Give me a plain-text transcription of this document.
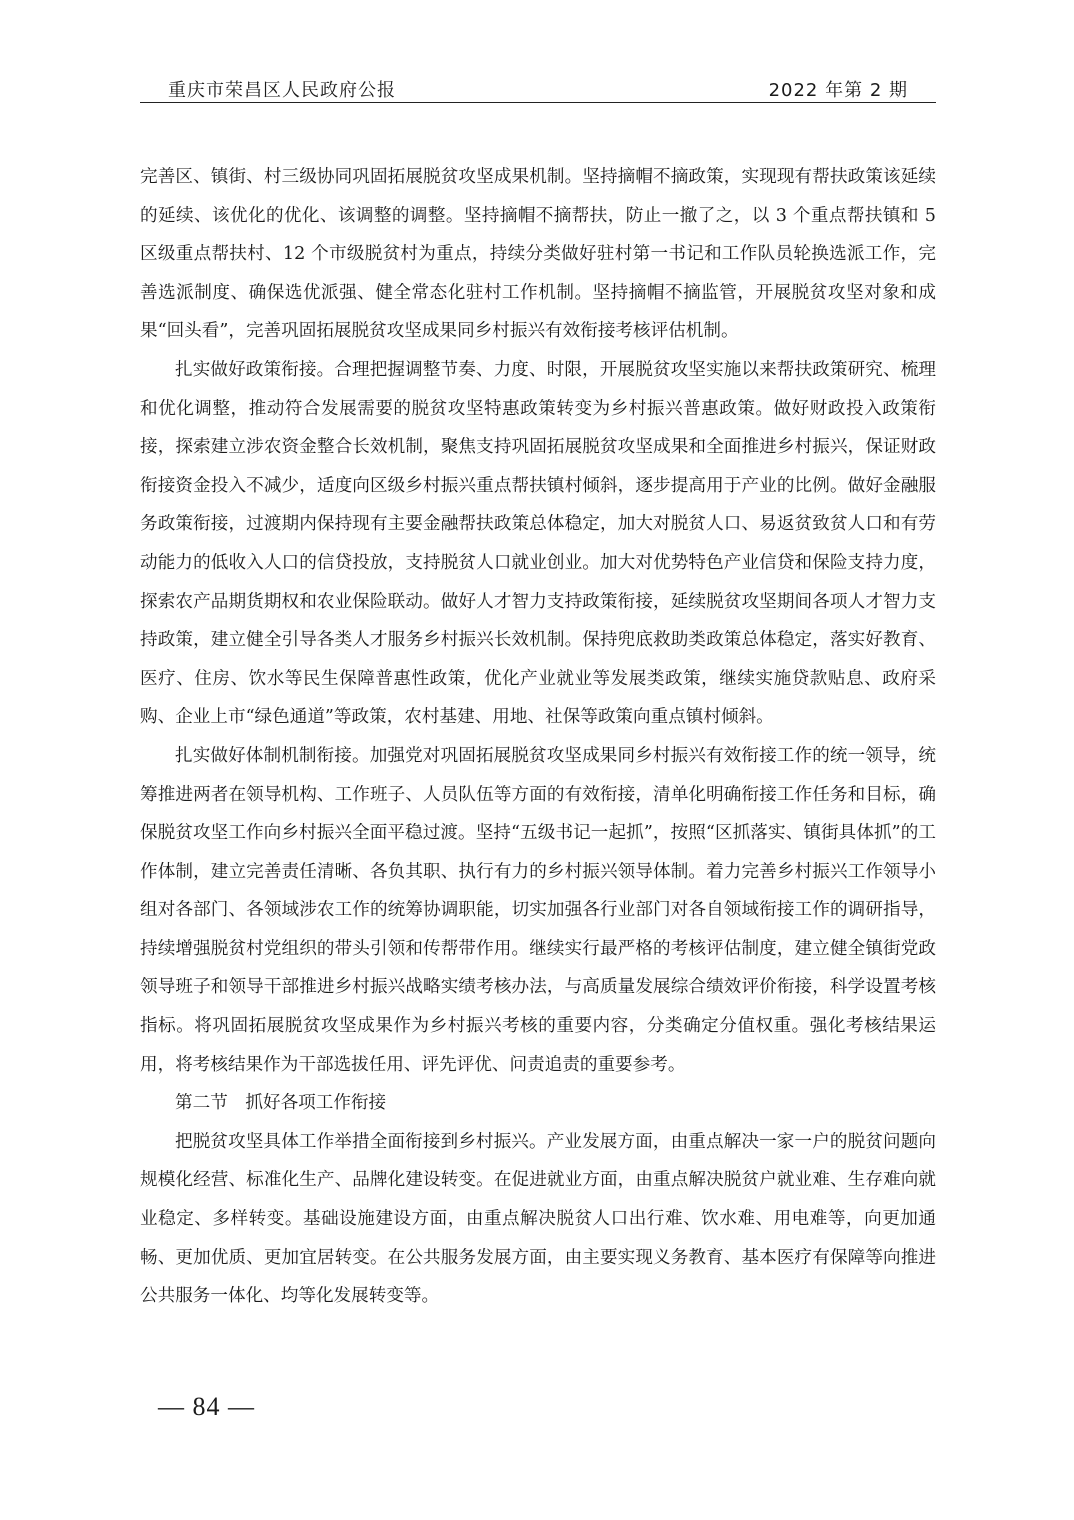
重庆市荣昌区人民政府公报	2022 年第 2 期

完善区、镇街、村三级协同巩固拓展脱贫攻坚成果机制。坚持摘帽不摘政策，实现现有帮扶政策该延续的延续、该优化的优化、该调整的调整。坚持摘帽不摘帮扶，防止一撤了之，以 3 个重点帮扶镇和 5 区级重点帮扶村、12 个市级脱贫村为重点，持续分类做好驻村第一书记和工作队员轮换选派工作，完善选派制度、确保选优派强、健全常态化驻村工作机制。坚持摘帽不摘监管，开展脱贫攻坚对象和成果“回头看”，完善巩固拓展脱贫攻坚成果同乡村振兴有效衔接考核评估机制。

扎实做好政策衔接。合理把握调整节奏、力度、时限，开展脱贫攻坚实施以来帮扶政策研究、梳理和优化调整，推动符合发展需要的脱贫攻坚特惠政策转变为乡村振兴普惠政策。做好财政投入政策衔接，探索建立涉农资金整合长效机制，聚焦支持巩固拓展脱贫攻坚成果和全面推进乡村振兴，保证财政衔接资金投入不减少，适度向区级乡村振兴重点帮扶镇村倾斜，逐步提高用于产业的比例。做好金融服务政策衔接，过渡期内保持现有主要金融帮扶政策总体稳定，加大对脱贫人口、易返贫致贫人口和有劳动能力的低收入人口的信贷投放，支持脱贫人口就业创业。加大对优势特色产业信贷和保险支持力度，探索农产品期货期权和农业保险联动。做好人才智力支持政策衔接，延续脱贫攻坚期间各项人才智力支持政策，建立健全引导各类人才服务乡村振兴长效机制。保持兜底救助类政策总体稳定，落实好教育、医疗、住房、饮水等民生保障普惠性政策，优化产业就业等发展类政策，继续实施贷款贴息、政府采购、企业上市“绿色通道”等政策，农村基建、用地、社保等政策向重点镇村倾斜。

扎实做好体制机制衔接。加强党对巩固拓展脱贫攻坚成果同乡村振兴有效衔接工作的统一领导，统筹推进两者在领导机构、工作班子、人员队伍等方面的有效衔接，清单化明确衔接工作任务和目标，确保脱贫攻坚工作向乡村振兴全面平稳过渡。坚持“五级书记一起抓”，按照“区抓落实、镇街具体抓”的工作体制，建立完善责任清晰、各负其职、执行有力的乡村振兴领导体制。着力完善乡村振兴工作领导小组对各部门、各领域涉农工作的统筹协调职能，切实加强各行业部门对各自领域衔接工作的调研指导，持续增强脱贫村党组织的带头引领和传帮带作用。继续实行最严格的考核评估制度，建立健全镇街党政领导班子和领导干部推进乡村振兴战略实绩考核办法，与高质量发展综合绩效评价衔接，科学设置考核指标。将巩固拓展脱贫攻坚成果作为乡村振兴考核的重要内容，分类确定分值权重。强化考核结果运用，将考核结果作为干部选拔任用、评先评优、问责追责的重要参考。

第二节　抓好各项工作衔接

把脱贫攻坚具体工作举措全面衔接到乡村振兴。产业发展方面，由重点解决一家一户的脱贫问题向规模化经营、标准化生产、品牌化建设转变。在促进就业方面，由重点解决脱贫户就业难、生存难向就业稳定、多样转变。基础设施建设方面，由重点解决脱贫人口出行难、饮水难、用电难等，向更加通畅、更加优质、更加宜居转变。在公共服务发展方面，由主要实现义务教育、基本医疗有保障等向推进公共服务一体化、均等化发展转变等。

— 84 —
